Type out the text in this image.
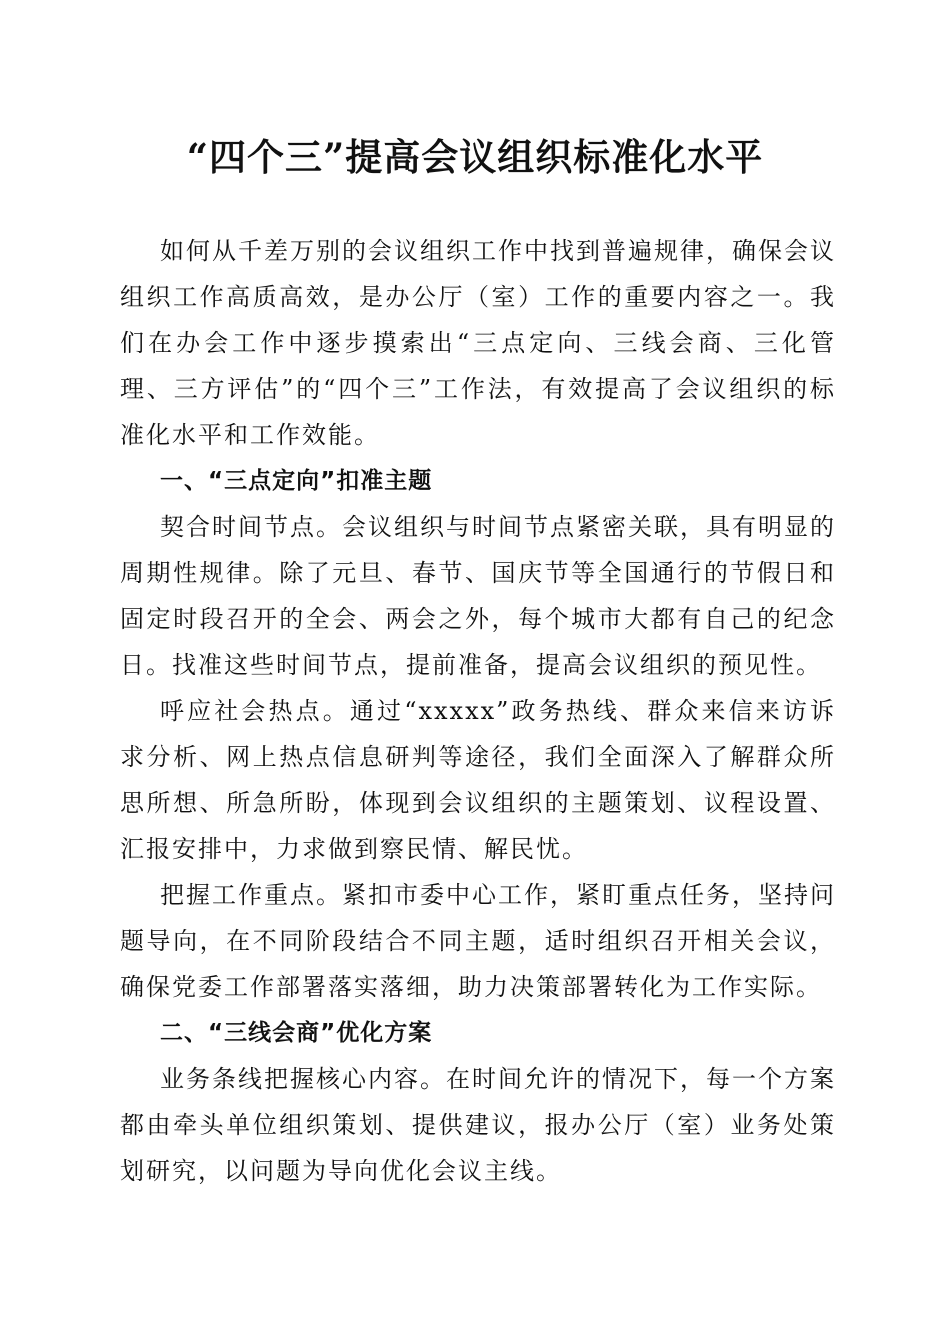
“四个三”提高会议组织标准化水平

如何从千差万别的会议组织工作中找到普遍规律，确保会议组织工作高质高效，是办公厅（室）工作的重要内容之一。我们在办会工作中逐步摸索出“三点定向、三线会商、三化管理、三方评估”的“四个三”工作法，有效提高了会议组织的标准化水平和工作效能。

一、“三点定向”扣准主题

契合时间节点。会议组织与时间节点紧密关联，具有明显的周期性规律。除了元旦、春节、国庆节等全国通行的节假日和固定时段召开的全会、两会之外，每个城市大都有自己的纪念日。找准这些时间节点，提前准备，提高会议组织的预见性。

呼应社会热点。通过“xxxxx”政务热线、群众来信来访诉求分析、网上热点信息研判等途径，我们全面深入了解群众所思所想、所急所盼，体现到会议组织的主题策划、议程设置、汇报安排中，力求做到察民情、解民忧。

把握工作重点。紧扣市委中心工作，紧盯重点任务，坚持问题导向，在不同阶段结合不同主题，适时组织召开相关会议，确保党委工作部署落实落细，助力决策部署转化为工作实际。

二、“三线会商”优化方案

业务条线把握核心内容。在时间允许的情况下，每一个方案都由牵头单位组织策划、提供建议，报办公厅（室）业务处策划研究，以问题为导向优化会议主线。
